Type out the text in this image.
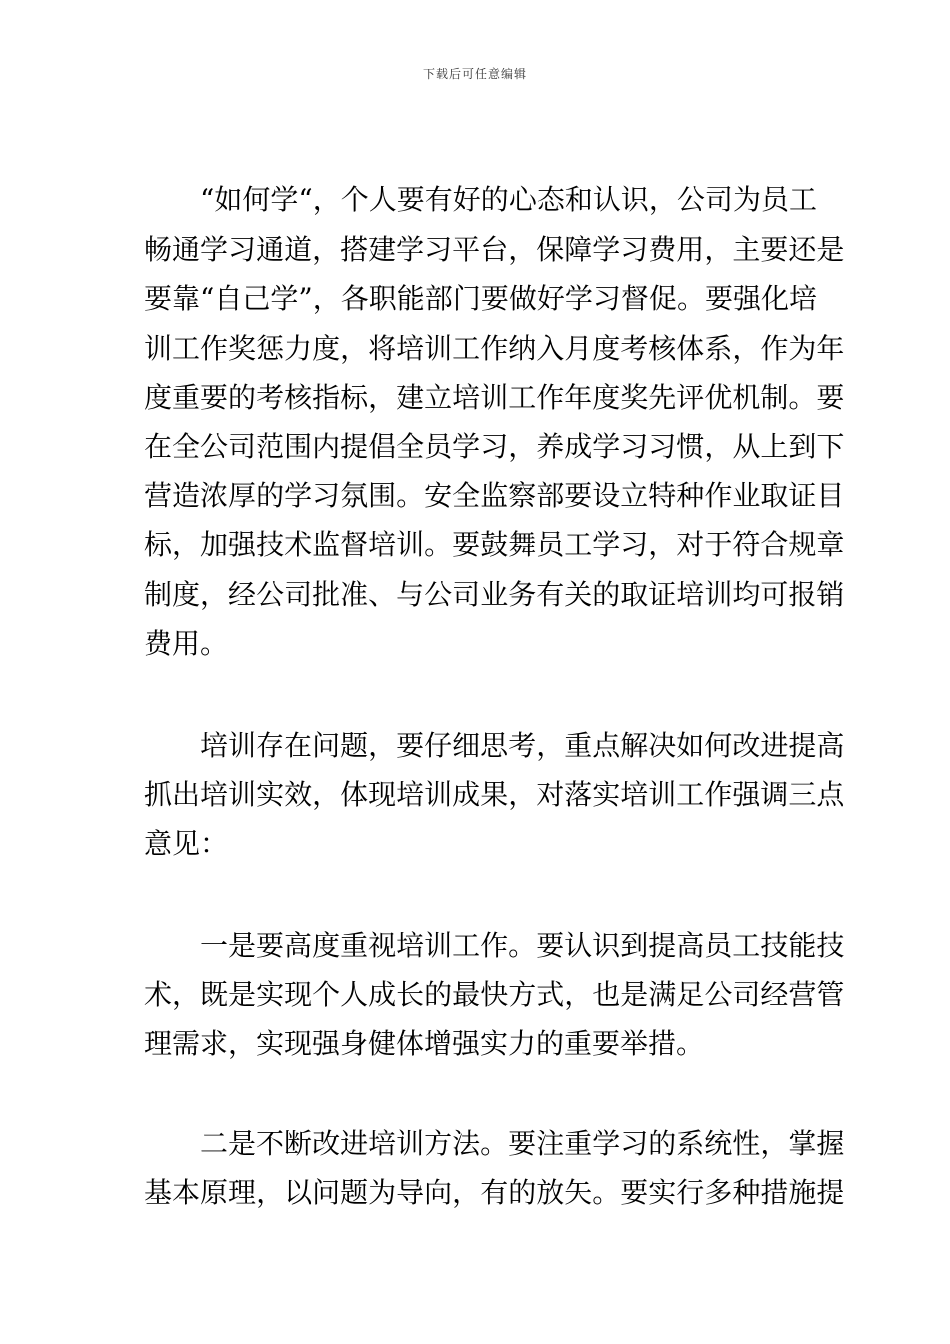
下载后可任意编辑
“ 如 何 学 “ ， 个 人 要 有 好 的 心 态 和 认 识 ， 公 司 为 员 工
畅 通 学 习 通 道 ， 搭 建 学 习 平 台 ， 保 障 学 习 费 用 ， 主 要 还 是
要 靠 “ 自 己 学 ” ， 各 职 能 部 门 要 做 好 学 习 督 促 。 要 强 化 培
训 工 作 奖 惩 力 度 ， 将 培 训 工 作 纳 入 月 度 考 核 体 系 ， 作 为 年
度 重 要 的 考 核 指 标 ， 建 立 培 训 工 作 年 度 奖 先 评 优 机 制 。 要
在 全 公 司 范 围 内 提 倡 全 员 学 习 ， 养 成 学 习 习 惯 ， 从 上 到 下
营 造 浓 厚 的 学 习 氛 围 。 安 全 监 察 部 要 设 立 特 种 作 业 取 证 目
标 ， 加 强 技 术 监 督 培 训 。 要 鼓 舞 员 工 学 习 ， 对 于 符 合 规 章
制 度 ， 经 公 司 批 准 、 与 公 司 业 务 有 关 的 取 证 培 训 均 可 报 销
费用。
培 训 存 在 问 题 ， 要 仔 细 思 考 ， 重 点 解 决 如 何 改 进 提 高
抓 出 培 训 实 效 ， 体 现 培 训 成 果 ， 对 落 实 培 训 工 作 强 调 三 点
意见：
一 是 要 高 度 重 视 培 训 工 作 。 要 认 识 到 提 高 员 工 技 能 技
术 ， 既 是 实 现 个 人 成 长 的 最 快 方 式 ， 也 是 满 足 公 司 经 营 管
理需求，实现强身健体增强实力的重要举措。
二 是 不 断 改 进 培 训 方 法 。 要 注 重 学 习 的 系 统 性 ， 掌 握
基 本 原 理 ， 以 问 题 为 导 向 ， 有 的 放 矢 。 要 实 行 多 种 措 施 提
